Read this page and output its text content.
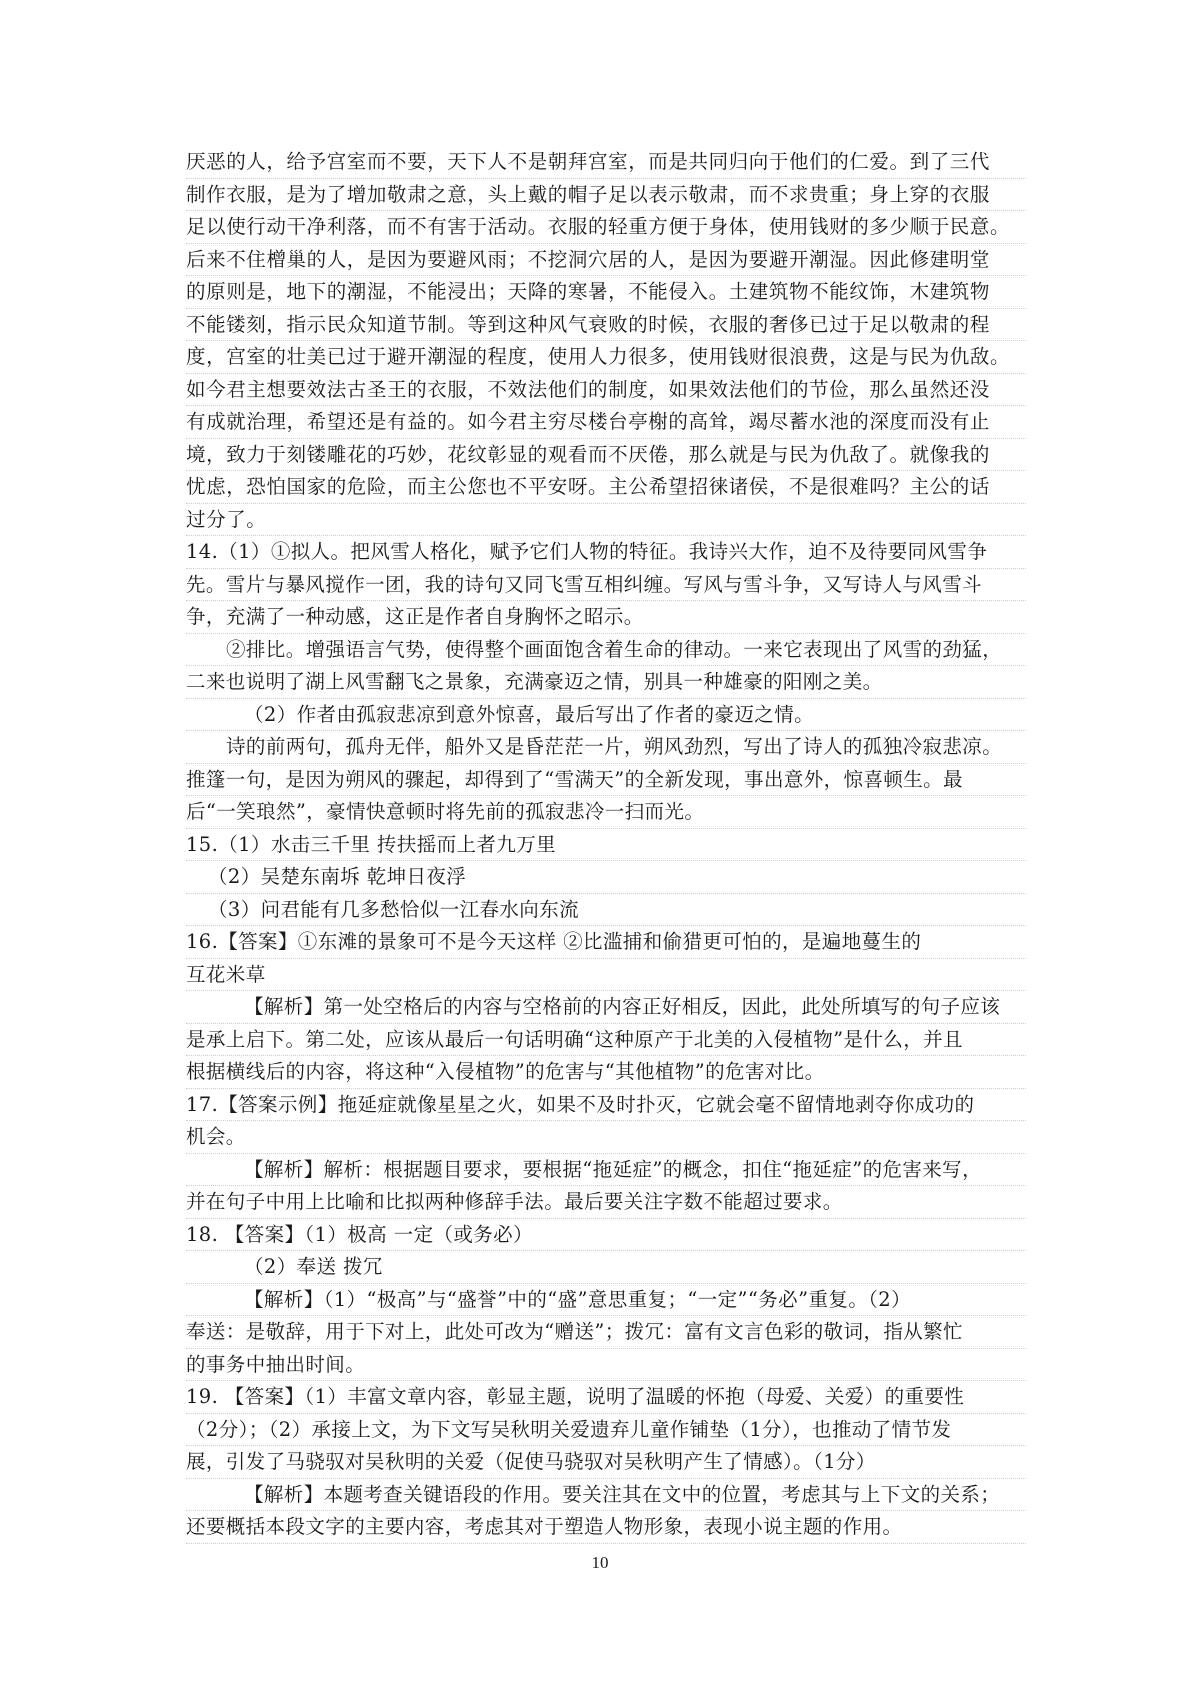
厌恶的人，给予宫室而不要，天下人不是朝拜宫室，而是共同归向于他们的仁爱。到了三代
制作衣服，是为了增加敬肃之意，头上戴的帽子足以表示敬肃，而不求贵重；身上穿的衣服
足以使行动干净利落，而不有害于活动。衣服的轻重方便于身体，使用钱财的多少顺于民意。
后来不住橧巢的人，是因为要避风雨；不挖洞穴居的人，是因为要避开潮湿。因此修建明堂
的原则是，地下的潮湿，不能浸出；天降的寒暑，不能侵入。土建筑物不能纹饰，木建筑物
不能镂刻，指示民众知道节制。等到这种风气衰败的时候，衣服的奢侈已过于足以敬肃的程
度，宫室的壮美已过于避开潮湿的程度，使用人力很多，使用钱财很浪费，这是与民为仇敌。
如今君主想要效法古圣王的衣服，不效法他们的制度，如果效法他们的节俭，那么虽然还没
有成就治理，希望还是有益的。如今君主穷尽楼台亭榭的高耸，竭尽蓄水池的深度而没有止
境，致力于刻镂雕花的巧妙，花纹彰显的观看而不厌倦，那么就是与民为仇敌了。就像我的
忧虑，恐怕国家的危险，而主公您也不平安呀。主公希望招徕诸侯，不是很难吗？主公的话
过分了。
14.（1）①拟人。把风雪人格化，赋予它们人物的特征。我诗兴大作，迫不及待要同风雪争
先。雪片与暴风搅作一团，我的诗句又同飞雪互相纠缠。写风与雪斗争，又写诗人与风雪斗
争，充满了一种动感，这正是作者自身胸怀之昭示。
②排比。增强语言气势，使得整个画面饱含着生命的律动。一来它表现出了风雪的劲猛，
二来也说明了湖上风雪翻飞之景象，充满豪迈之情，别具一种雄豪的阳刚之美。
（2）作者由孤寂悲凉到意外惊喜，最后写出了作者的豪迈之情。
诗的前两句，孤舟无伴，船外又是昏茫茫一片，朔风劲烈，写出了诗人的孤独冷寂悲凉。
推篷一句，是因为朔风的骤起，却得到了“雪满天”的全新发现，事出意外，惊喜顿生。最
后“一笑琅然”，豪情快意顿时将先前的孤寂悲冷一扫而光。
15.（1）水击三千里 抟扶摇而上者九万里
（2）吴楚东南坼 乾坤日夜浮
（3）问君能有几多愁恰似一江春水向东流
16.【答案】①东滩的景象可不是今天这样 ②比滥捕和偷猎更可怕的，是遍地蔓生的
互花米草
【解析】第一处空格后的内容与空格前的内容正好相反，因此，此处所填写的句子应该
是承上启下。第二处，应该从最后一句话明确“这种原产于北美的入侵植物”是什么，并且
根据横线后的内容，将这种“入侵植物”的危害与“其他植物”的危害对比。
17.【答案示例】拖延症就像星星之火，如果不及时扑灭，它就会毫不留情地剥夺你成功的
机会。
【解析】解析：根据题目要求，要根据“拖延症”的概念，扣住“拖延症”的危害来写，
并在句子中用上比喻和比拟两种修辞手法。最后要关注字数不能超过要求。
18. 【答案】（1）极高 一定（或务必）
（2）奉送 拨冗
【解析】（1）“极高”与“盛誉”中的“盛”意思重复；“一定”“务必”重复。（2）
奉送：是敬辞，用于下对上，此处可改为“赠送”；拨冗：富有文言色彩的敬词，指从繁忙
的事务中抽出时间。
19. 【答案】（1）丰富文章内容，彰显主题，说明了温暖的怀抱（母爱、关爱）的重要性
（2分）；（2）承接上文，为下文写吴秋明关爱遗弃儿童作铺垫（1分），也推动了情节发
展，引发了马骁驭对吴秋明的关爱（促使马骁驭对吴秋明产生了情感）。（1分）
【解析】本题考查关键语段的作用。要关注其在文中的位置，考虑其与上下文的关系；
还要概括本段文字的主要内容，考虑其对于塑造人物形象，表现小说主题的作用。
10
